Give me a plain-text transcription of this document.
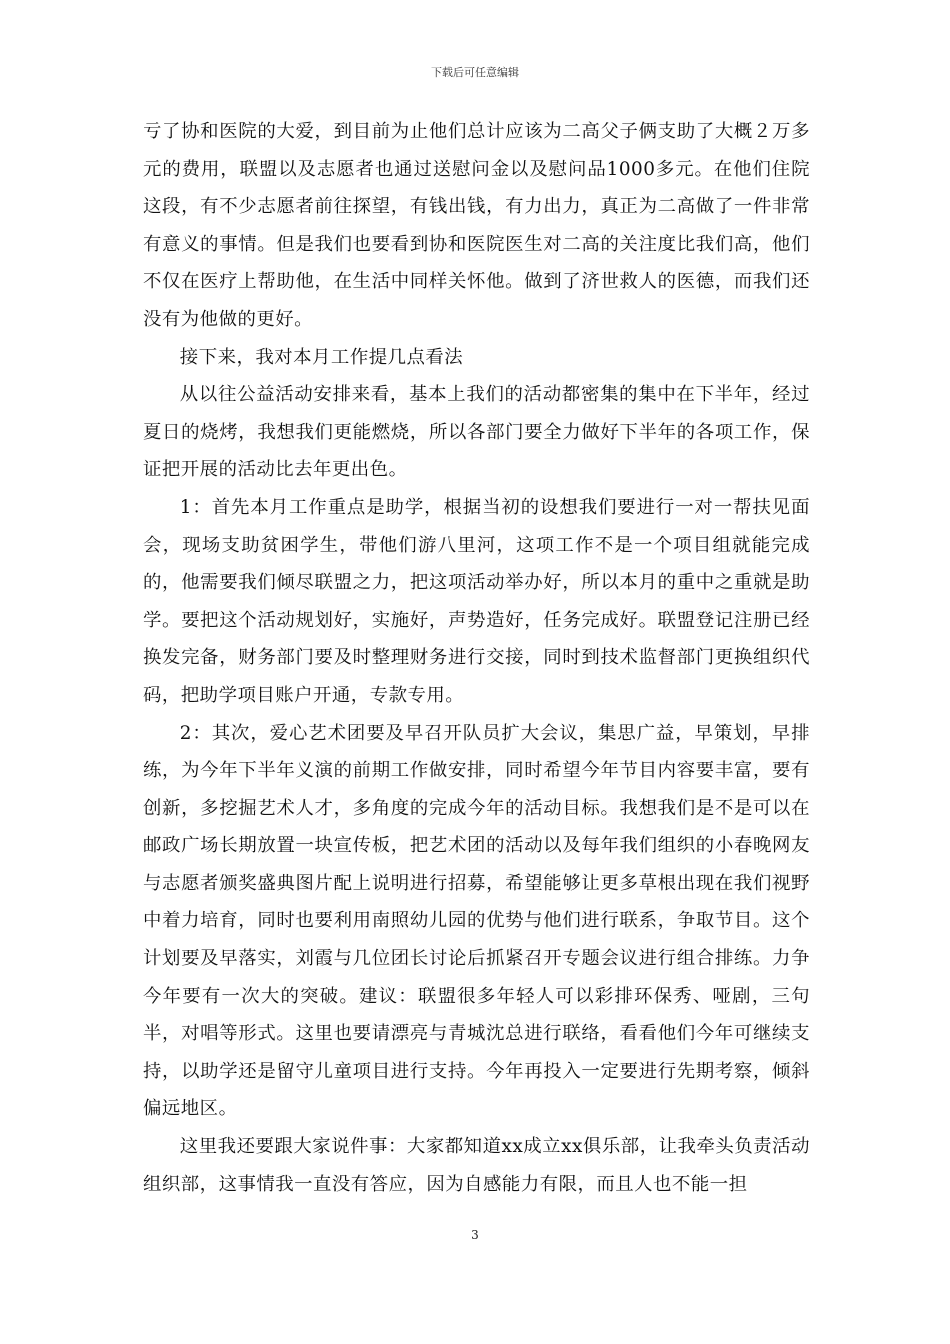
下载后可任意编辑

亏了协和医院的大爱，到目前为止他们总计应该为二高父子俩支助了大概２万多元的费用，联盟以及志愿者也通过送慰问金以及慰问品1000多元。在他们住院这段，有不少志愿者前往探望，有钱出钱，有力出力，真正为二高做了一件非常有意义的事情。但是我们也要看到协和医院医生对二高的关注度比我们高，他们不仅在医疗上帮助他，在生活中同样关怀他。做到了济世救人的医德，而我们还没有为他做的更好。

接下来，我对本月工作提几点看法

从以往公益活动安排来看，基本上我们的活动都密集的集中在下半年，经过夏日的烧烤，我想我们更能燃烧，所以各部门要全力做好下半年的各项工作，保证把开展的活动比去年更出色。

1：首先本月工作重点是助学，根据当初的设想我们要进行一对一帮扶见面会，现场支助贫困学生，带他们游八里河，这项工作不是一个项目组就能完成的，他需要我们倾尽联盟之力，把这项活动举办好，所以本月的重中之重就是助学。要把这个活动规划好，实施好，声势造好，任务完成好。联盟登记注册已经换发完备，财务部门要及时整理财务进行交接，同时到技术监督部门更换组织代码，把助学项目账户开通，专款专用。

2：其次，爱心艺术团要及早召开队员扩大会议，集思广益，早策划，早排练，为今年下半年义演的前期工作做安排，同时希望今年节目内容要丰富，要有创新，多挖掘艺术人才，多角度的完成今年的活动目标。我想我们是不是可以在邮政广场长期放置一块宣传板，把艺术团的活动以及每年我们组织的小春晚网友与志愿者颁奖盛典图片配上说明进行招募，希望能够让更多草根出现在我们视野中着力培育，同时也要利用南照幼儿园的优势与他们进行联系，争取节目。这个计划要及早落实，刘霞与几位团长讨论后抓紧召开专题会议进行组合排练。力争今年要有一次大的突破。建议：联盟很多年轻人可以彩排环保秀、哑剧，三句半，对唱等形式。这里也要请漂亮与青城沈总进行联络，看看他们今年可继续支持，以助学还是留守儿童项目进行支持。今年再投入一定要进行先期考察，倾斜偏远地区。

这里我还要跟大家说件事：大家都知道xx成立xx俱乐部，让我牵头负责活动组织部，这事情我一直没有答应，因为自感能力有限，而且人也不能一担

3
